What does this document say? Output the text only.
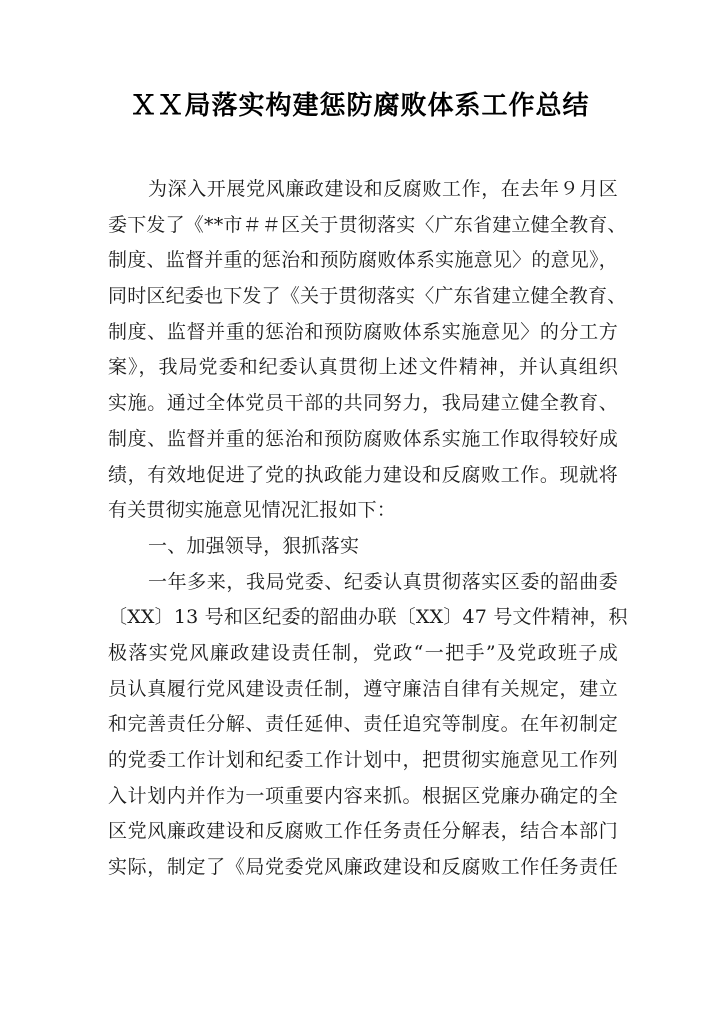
ＸＸ局落实构建惩防腐败体系工作总结
为深入开展党风廉政建设和反腐败工作，在去年９月区
委下发了《**市＃＃区关于贯彻落实〈广东省建立健全教育、
制度、监督并重的惩治和预防腐败体系实施意见〉的意见》，
同时区纪委也下发了《关于贯彻落实〈广东省建立健全教育、
制度、监督并重的惩治和预防腐败体系实施意见〉的分工方
案》，我局党委和纪委认真贯彻上述文件精神，并认真组织
实施。通过全体党员干部的共同努力，我局建立健全教育、
制度、监督并重的惩治和预防腐败体系实施工作取得较好成
绩，有效地促进了党的执政能力建设和反腐败工作。现就将
有关贯彻实施意见情况汇报如下：
一、加强领导，狠抓落实
一年多来，我局党委、纪委认真贯彻落实区委的韶曲委
〔XX〕13 号和区纪委的韶曲办联〔XX〕47 号文件精神，积
极落实党风廉政建设责任制，党政“一把手”及党政班子成
员认真履行党风建设责任制，遵守廉洁自律有关规定，建立
和完善责任分解、责任延伸、责任追究等制度。在年初制定
的党委工作计划和纪委工作计划中，把贯彻实施意见工作列
入计划内并作为一项重要内容来抓。根据区党廉办确定的全
区党风廉政建设和反腐败工作任务责任分解表，结合本部门
实际，制定了《局党委党风廉政建设和反腐败工作任务责任
